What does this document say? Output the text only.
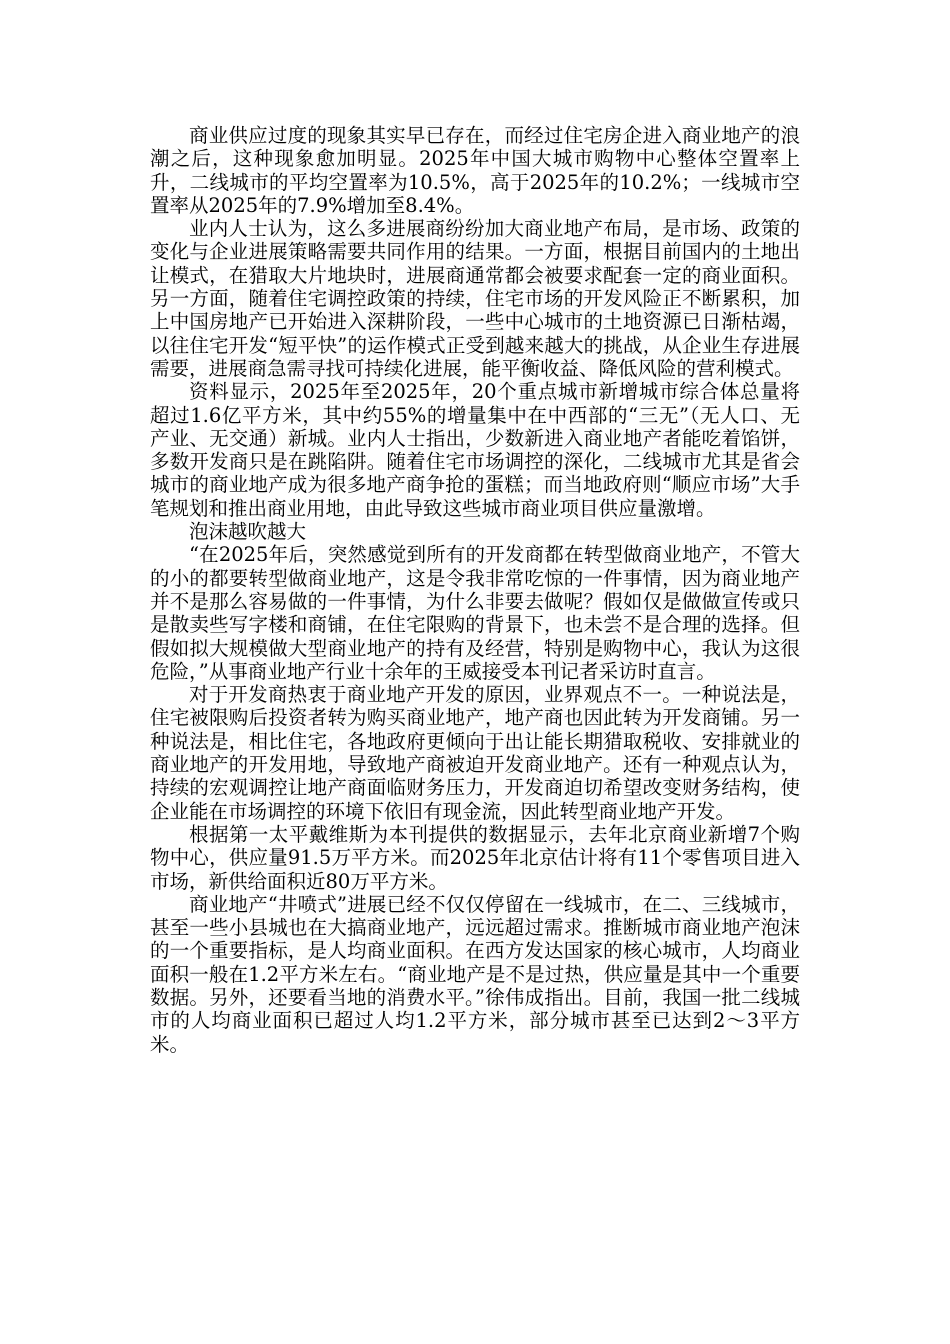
商业供应过度的现象其实早已存在，而经过住宅房企进入商业地产的浪潮之后，这种现象愈加明显。2025年中国大城市购物中心整体空置率上升，二线城市的平均空置率为10.5%，高于2025年的10.2%；一线城市空置率从2025年的7.9%增加至8.4%。

业内人士认为，这么多进展商纷纷加大商业地产布局，是市场、政策的变化与企业进展策略需要共同作用的结果。一方面，根据目前国内的土地出让模式，在猎取大片地块时，进展商通常都会被要求配套一定的商业面积。另一方面，随着住宅调控政策的持续，住宅市场的开发风险正不断累积，加上中国房地产已开始进入深耕阶段，一些中心城市的土地资源已日渐枯竭，以往住宅开发“短平快”的运作模式正受到越来越大的挑战，从企业生存进展需要，进展商急需寻找可持续化进展，能平衡收益、降低风险的营利模式。

资料显示，2025年至2025年，20个重点城市新增城市综合体总量将超过1.6亿平方米，其中约55%的增量集中在中西部的“三无”（无人口、无产业、无交通）新城。业内人士指出，少数新进入商业地产者能吃着馅饼，多数开发商只是在跳陷阱。随着住宅市场调控的深化，二线城市尤其是省会城市的商业地产成为很多地产商争抢的蛋糕；而当地政府则“顺应市场”大手笔规划和推出商业用地，由此导致这些城市商业项目供应量激增。

泡沫越吹越大

“在2025年后，突然感觉到所有的开发商都在转型做商业地产，不管大的小的都要转型做商业地产，这是令我非常吃惊的一件事情，因为商业地产并不是那么容易做的一件事情，为什么非要去做呢？假如仅是做做宣传或只是散卖些写字楼和商铺，在住宅限购的背景下，也未尝不是合理的选择。但假如拟大规模做大型商业地产的持有及经营，特别是购物中心，我认为这很危险，”从事商业地产行业十余年的王威接受本刊记者采访时直言。

对于开发商热衷于商业地产开发的原因，业界观点不一。一种说法是，住宅被限购后投资者转为购买商业地产，地产商也因此转为开发商铺。另一种说法是，相比住宅，各地政府更倾向于出让能长期猎取税收、安排就业的商业地产的开发用地，导致地产商被迫开发商业地产。还有一种观点认为，持续的宏观调控让地产商面临财务压力，开发商迫切希望改变财务结构，使企业能在市场调控的环境下依旧有现金流，因此转型商业地产开发。

根据第一太平戴维斯为本刊提供的数据显示，去年北京商业新增7个购物中心，供应量91.5万平方米。而2025年北京估计将有11个零售项目进入市场，新供给面积近80万平方米。

商业地产“井喷式”进展已经不仅仅停留在一线城市，在二、三线城市，甚至一些小县城也在大搞商业地产，远远超过需求。推断城市商业地产泡沫的一个重要指标，是人均商业面积。在西方发达国家的核心城市，人均商业面积一般在1.2平方米左右。“商业地产是不是过热，供应量是其中一个重要数据。另外，还要看当地的消费水平。”徐伟成指出。目前，我国一批二线城市的人均商业面积已超过人均1.2平方米，部分城市甚至已达到2～3平方米。
